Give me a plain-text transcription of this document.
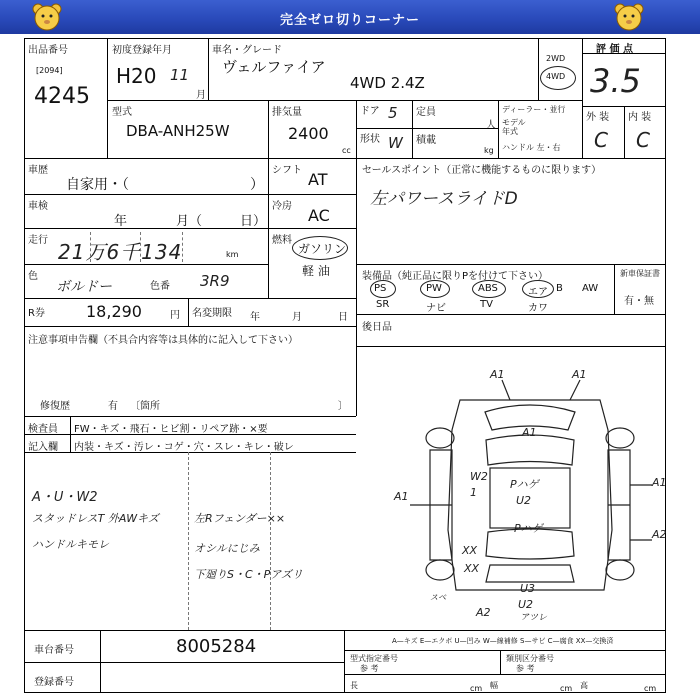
完全ゼロ切りコーナー
出品番号
[2094]
4245
初度登録年月
H20 11
月
車名・グレード
ヴェルファイア
4WD 2.4Z
2WD
4WD
評 価 点
3.5
型式
DBA-ANH25W
排気量
2400
cc
ドア 5
形状 W
定員
人
積載
kg
ディーラー・並行
モデル
年式
ハンドル 左・右
外 装 内 装
C C
車歴
自家用・（	）
車検
年	月（	日）
走行 21万6千134	km
色
ボルドー	色番 3R9
シフト AT
冷房 AC
燃料
ガソリン
軽 油
R券	18,290	円 名変期限 年	月	日
セールスポイント（正常に機能するものに限ります）
左パワースライドD
装備品（純正品に限りPを付けて下さい）
PS	PW	ABS	エア B AW
SR	ナビ	TV	カワ
新車保証書
有・無
後日品
注意事項申告欄（不具合内容等は具体的に記入して下さい）
修復歴	有 〔箇所	〕
検査員
記入欄
FW・キズ・飛石・ヒビ割・リペア跡・×要
内装・キズ・汚レ・コゲ・穴・スレ・キレ・破レ
A・U・W2
スタッドレスT 外AWキズ
ハンドルキモレ
左Rフェンダー××
オシルにじみ
下廻りS・C・Pアズリ
A1	A1
A1
A1
A1
A2
W2
1
Pハゲ
U2
Pハゲ
XX
XX
U3
A2
U2
アツレ
スベ
車台番号	8005284
登録番号
A—キズ E—エクボ U—凹み W—線補修 S—サビ C—腐食 XX—交換済
型式指定番号
参 考
類別区分番号
参 考
長	cm 幅	cm 高	cm
